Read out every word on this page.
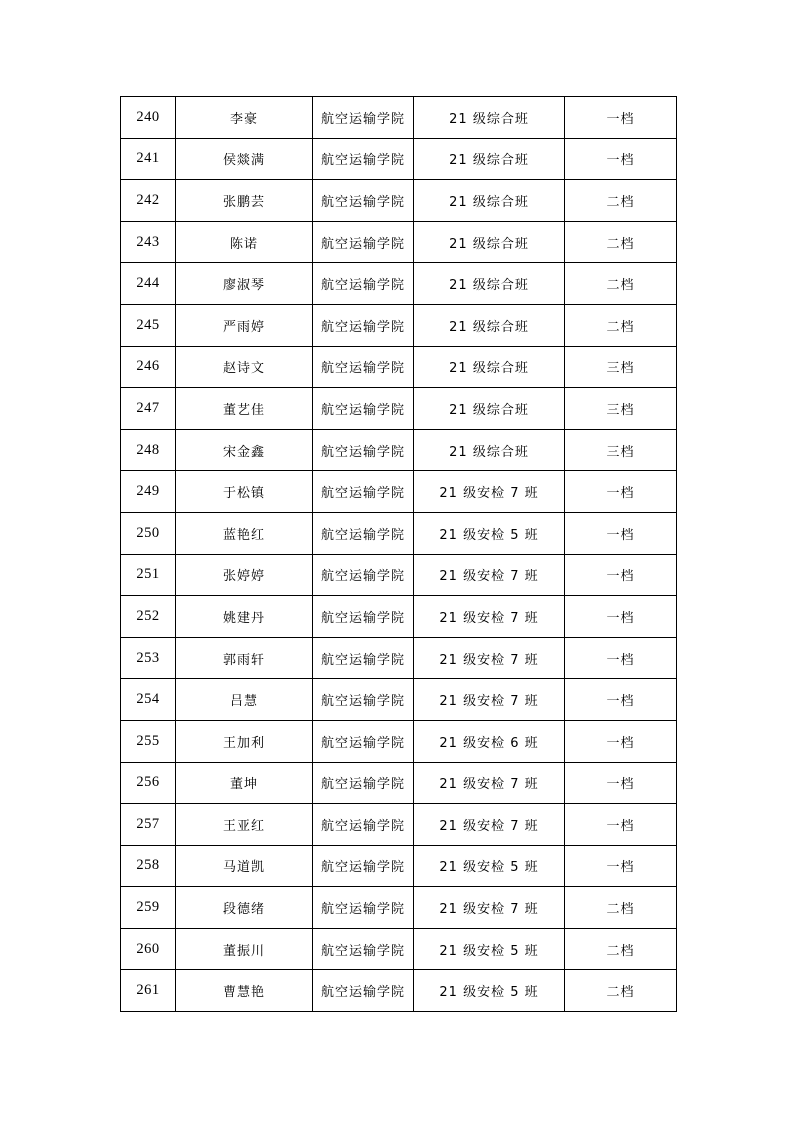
240	李豪	航空运输学院	21 级综合班	一档
241	侯燚满	航空运输学院	21 级综合班	一档
242	张鹏芸	航空运输学院	21 级综合班	二档
243	陈诺	航空运输学院	21 级综合班	二档
244	廖淑琴	航空运输学院	21 级综合班	二档
245	严雨婷	航空运输学院	21 级综合班	二档
246	赵诗文	航空运输学院	21 级综合班	三档
247	董艺佳	航空运输学院	21 级综合班	三档
248	宋金鑫	航空运输学院	21 级综合班	三档
249	于松镇	航空运输学院	21 级安检 7 班	一档
250	蓝艳红	航空运输学院	21 级安检 5 班	一档
251	张婷婷	航空运输学院	21 级安检 7 班	一档
252	姚建丹	航空运输学院	21 级安检 7 班	一档
253	郭雨轩	航空运输学院	21 级安检 7 班	一档
254	吕慧	航空运输学院	21 级安检 7 班	一档
255	王加利	航空运输学院	21 级安检 6 班	一档
256	董坤	航空运输学院	21 级安检 7 班	一档
257	王亚红	航空运输学院	21 级安检 7 班	一档
258	马道凯	航空运输学院	21 级安检 5 班	一档
259	段德绪	航空运输学院	21 级安检 7 班	二档
260	董振川	航空运输学院	21 级安检 5 班	二档
261	曹慧艳	航空运输学院	21 级安检 5 班	二档
